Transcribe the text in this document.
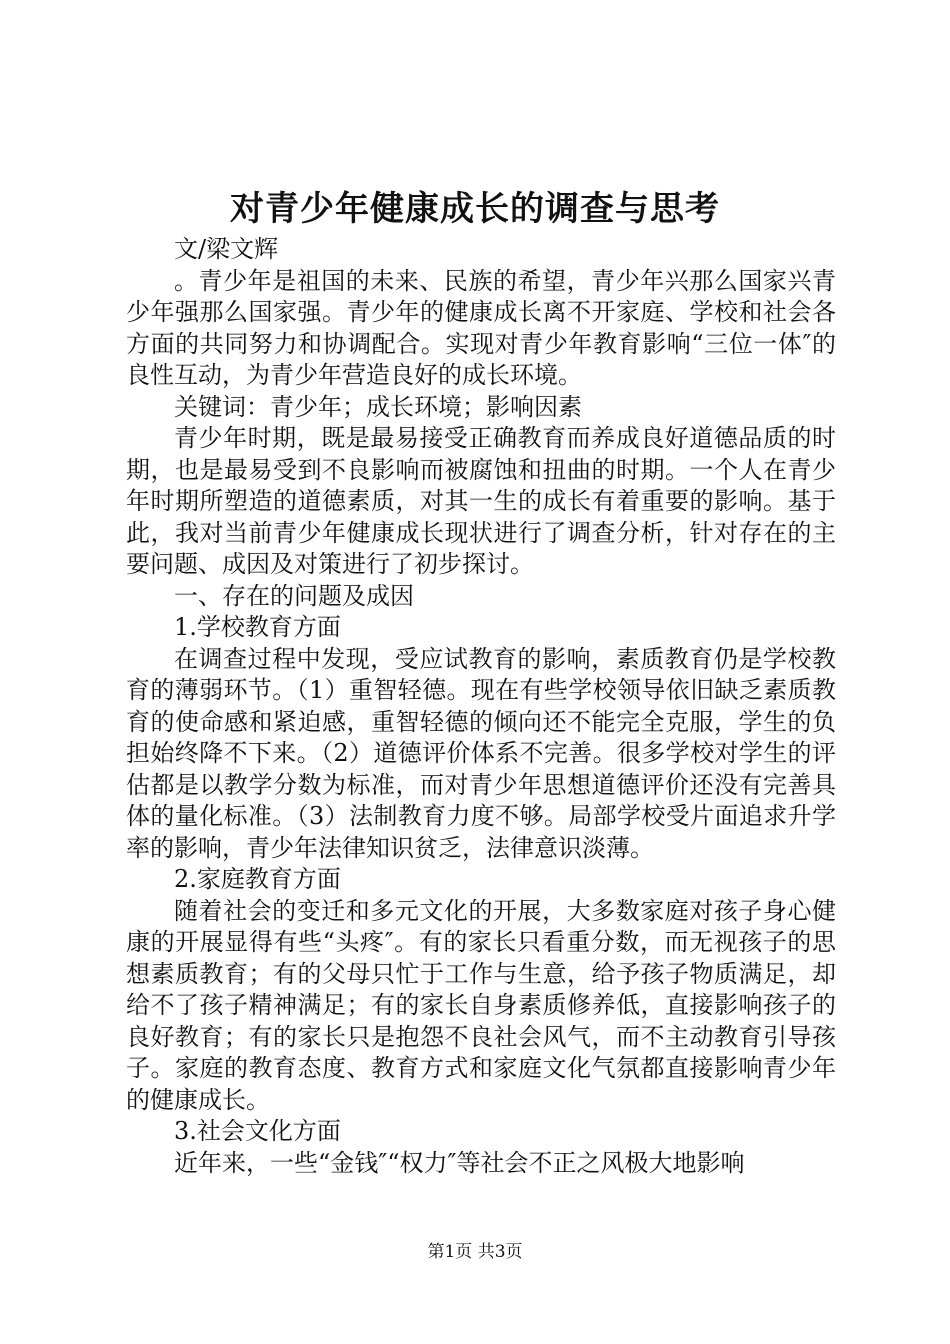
对青少年健康成长的调查与思考

文/梁文辉

。青少年是祖国的未来、民族的希望，青少年兴那么国家兴青少年强那么国家强。青少年的健康成长离不开家庭、学校和社会各方面的共同努力和协调配合。实现对青少年教育影响“三位一体″的良性互动，为青少年营造良好的成长环境。

关键词：青少年；成长环境；影响因素

青少年时期，既是最易接受正确教育而养成良好道德品质的时期，也是最易受到不良影响而被腐蚀和扭曲的时期。一个人在青少年时期所塑造的道德素质，对其一生的成长有着重要的影响。基于此，我对当前青少年健康成长现状进行了调查分析，针对存在的主要问题、成因及对策进行了初步探讨。

一、存在的问题及成因

1.学校教育方面

在调查过程中发现，受应试教育的影响，素质教育仍是学校教育的薄弱环节。（1）重智轻德。现在有些学校领导依旧缺乏素质教育的使命感和紧迫感，重智轻德的倾向还不能完全克服，学生的负担始终降不下来。（2）道德评价体系不完善。很多学校对学生的评估都是以教学分数为标准，而对青少年思想道德评价还没有完善具体的量化标准。（3）法制教育力度不够。局部学校受片面追求升学率的影响，青少年法律知识贫乏，法律意识淡薄。

2.家庭教育方面

随着社会的变迁和多元文化的开展，大多数家庭对孩子身心健康的开展显得有些“头疼″。有的家长只看重分数，而无视孩子的思想素质教育；有的父母只忙于工作与生意，给予孩子物质满足，却给不了孩子精神满足；有的家长自身素质修养低，直接影响孩子的良好教育；有的家长只是抱怨不良社会风气，而不主动教育引导孩子。家庭的教育态度、教育方式和家庭文化气氛都直接影响青少年的健康成长。

3.社会文化方面

近年来，一些“金钱″“权力″等社会不正之风极大地影响

第1页 共3页
